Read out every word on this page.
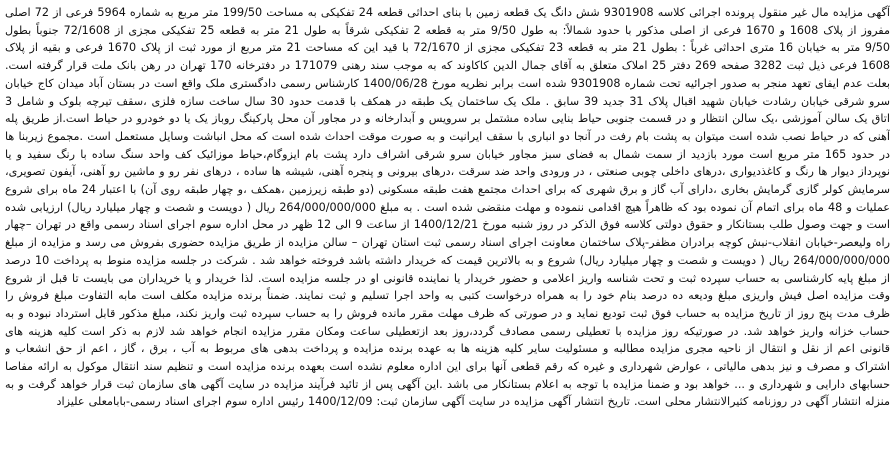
آگهی مزایده مال غیر منقول پرونده اجرائی کلاسه 9301908 شش دانگ یک قطعه زمین با بنای احداثی قطعه 24 تفکیکی به مساحت 199/50 متر مربع به شماره 5964 فرعی از 72 اصلی مفروز از پلاک 1608 و 1670 فرعی از اصلی مذکور با حدود شمالاً: به طول 9/50 متر به قطعه 2 تفکیکی شرقاً به طول 21 متر به قطعه 25 تفکیکی مجزی از 72/1608 جنوباً بطول 9/50 متر به خیابان 16 متری احداثی غرباً : بطول 21 متر به قطعه 23 تفکیکی مجزی از 72/1670 با قید این که مساحت 21 متر مربع از مورد ثبت از پلاک 1670 فرعی و بقیه از پلاک 1608 فرعی ذیل ثبت 3282 صفحه 269 دفتر 25 املاک متعلق به آقای جمال الدین کاکاوند که به موجب سند رهنی 171079 در دفترخانه 170 تهران در رهن بانک ملت قرار گرفته است. بعلت عدم ایفای تعهد منجر به صدور اجرائیه تحت شماره 9301908 شده است برابر نظریه مورخ 1400/06/28 کارشناس رسمی دادگستری ملک واقع است در بستان آباد میدان کاج خیابان سرو شرقی خیابان رشادت خیابان شهید اقبال پلاک 31 جدید 39 سابق . ملک یک ساختمان یک طبقه در همکف با قدمت حدود 30 سال ساخت سازه فلزی ،سقف تیرچه بلوک و شامل 3 اتاق یک سالن آموزشی ،یک سالن انتظار و در قسمت جنوبی حیاط بنایی ساده مشتمل بر سرویس و آبدارخانه و در مجاور آن محل پارکینگ روباز یک یا دو خودرو در حیاط است.از طریق پله آهنی که در حیاط نصب شده است میتوان به پشت بام رفت در آنجا دو انباری با سقف ایرانیت و به صورت موقت احداث شده است که محل انباشت وسایل مستعمل است .مجموع زیربنا ها در حدود 165 متر مربع است مورد بازدید از سمت شمال به فضای سبز مجاور خیابان سرو شرقی اشراف دارد پشت بام ایزوگام،حیاط موزائیک کف واحد سنگ ساده با رنگ سفید و یا نوپرداز دیوار ها رنگ و کاغذدیواری ،درهای داخلی چوبی صنعتی ، در ورودی واحد ضد سرقت ،درهای بیرونی و پنجره آهنی، شیشه ها ساده ، درهای نفر رو و ماشین رو آهنی، آیفون تصویری، سرمایش کولر گازی گرمایش بخاری ،دارای آب گاز و برق شهری که برای احداث مجتمع هفت طبقه مسکونی (دو طبقه زیرزمین ،همکف ،و چهار طبقه روی آن) با اعتبار 24 ماه برای شروع عملیات و 48 ماه برای اتمام آن نموده بود که ظاهراً هیچ اقدامی ننموده و مهلت منقضی شده است . به مبلغ 264/000/000/000 ریال ( دویست و شصت و چهار میلیارد ریال) ارزیابی شده است و جهت وصول طلب بستانکار و حقوق دولتی کلاسه فوق الذکر در روز شنبه مورخ 1400/12/21 از ساعت 9 الی 12 ظهر در محل اداره سوم اجرای اسناد رسمی واقع در تهران –چهار راه ولیعصر-خیابان انقلاب-نبش کوچه برادران مظفر-پلاک ساختمان معاونت اجرای اسناد رسمی ثبت استان تهران – سالن مزایده از طریق مزایده حضوری بفروش می رسد و مزایده از مبلغ 264/000/000/000 ریال ( دویست و شصت و چهار میلیارد ریال) شروع و به بالاترین قیمت که خریدار داشته باشد فروخته خواهد شد . شرکت در جلسه مزایده منوط به پرداخت 10 درصد از مبلغ پایه کارشناسی به حساب سپرده ثبت و تحت شناسه واریز اعلامی و حضور خریدار یا نماینده قانونی او در جلسه مزایده است. لذا خریدار و یا خریداران می بایست تا قبل از شروع وقت مزایده اصل فیش واریزی مبلغ ودیعه ده درصد بنام خود را به همراه درخواست کتبی به واحد اجرا تسلیم و ثبت نمایند. ضمناً برنده مزایده مکلف است مابه التفاوت مبلغ فروش را ظرف مدت پنج روز از تاریخ مزایده به حساب فوق ثبت تودیع نماید و در صورتی که ظرف مهلت مقرر مانده فروش را به حساب سپرده ثبت واریز نکند، مبلغ مذکور قابل استرداد نبوده و به حساب خزانه واریز خواهد شد. در صورتیکه روز مزایده با تعطیلی رسمی مصادف گردد،روز بعد ازتعطیلی ساعت ومکان مقرر مزایده انجام خواهد شد لازم به ذکر است کلیه هزینه های قانونی اعم از نقل و انتقال از ناحیه مجری مزایده مطالبه و مسئولیت سایر کلیه هزینه ها به عهده برنده مزایده و پرداخت بدهی های مربوط به آب ، برق ، گاز ، اعم از حق انشعاب و اشتراک و مصرف و نیز بدهی مالیاتی ، عوارض شهرداری و غیره که رقم قطعی آنها برای این اداره معلوم نشده است بعهده برنده مزایده است و تنظیم سند انتقال موکول به ارائه مفاصا حسابهای دارایی و شهرداری و ... خواهد بود و ضمنا مزایده با توجه به اعلام بستانکار می باشد .این آگهی پس از تائید فرآیند مزایده در سایت آگهی های سازمان ثبت قرار خواهد گرفت و به منزله انتشار آگهی در روزنامه کثیرالانتشار محلی است. تاریخ انتشار آگهی مزایده در سایت آگهی سازمان ثبت: 1400/12/09 رئیس اداره سوم اجرای اسناد رسمی-بابامعلی علیزاد
